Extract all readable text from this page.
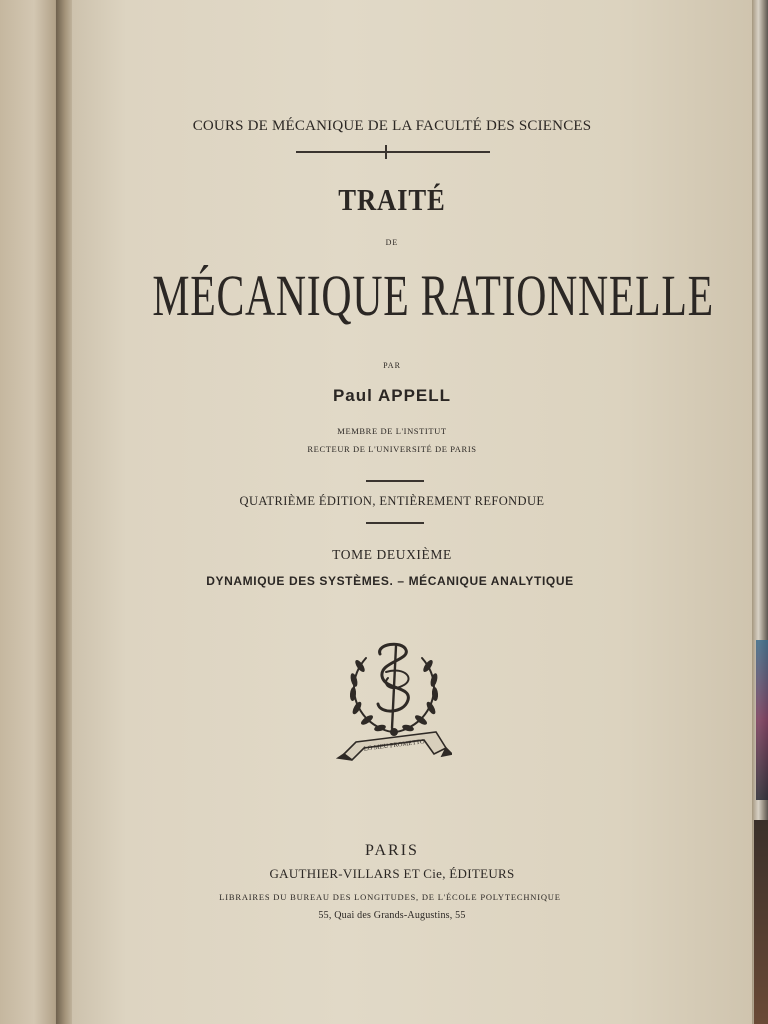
COURS DE MÉCANIQUE DE LA FACULTÉ DES SCIENCES
TRAITÉ
DE
MÉCANIQUE RATIONNELLE
PAR
Paul APPELL
MEMBRE DE L'INSTITUT
RECTEUR DE L'UNIVERSITÉ DE PARIS
QUATRIÈME ÉDITION, ENTIÈREMENT REFONDUE
TOME DEUXIÈME
DYNAMIQUE DES SYSTÈMES. – MÉCANIQUE ANALYTIQUE
LO MEU PROMETTO
PARIS
GAUTHIER-VILLARS ET Cie, ÉDITEURS
LIBRAIRES DU BUREAU DES LONGITUDES, DE L'ÉCOLE POLYTECHNIQUE
55, Quai des Grands-Augustins, 55
